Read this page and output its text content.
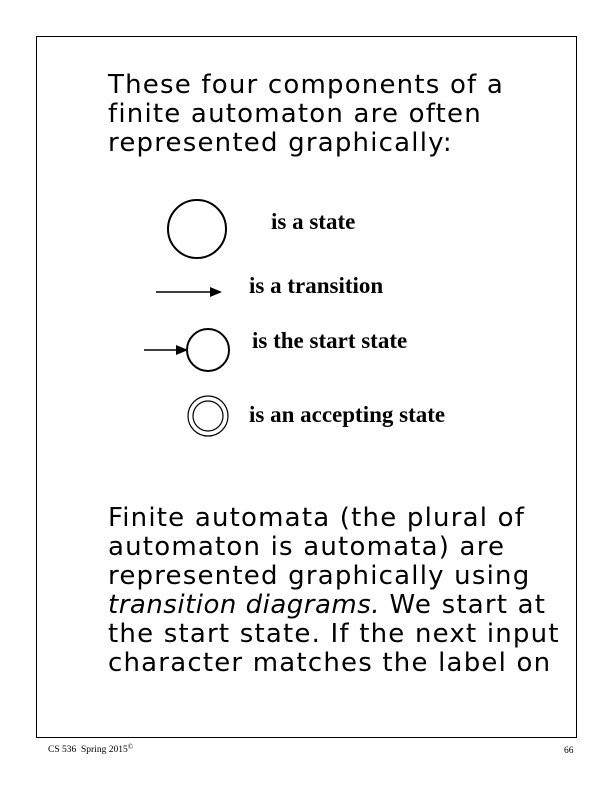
These four components of a
finite automaton are often
represented graphically:
is a state
is a transition
is the start state
is an accepting state
Finite automata (the plural of
automaton is automata) are
represented graphically using
transition diagrams. We start at
the start state. If the next input
character matches the label on
CS 536 Spring 2015©	66
